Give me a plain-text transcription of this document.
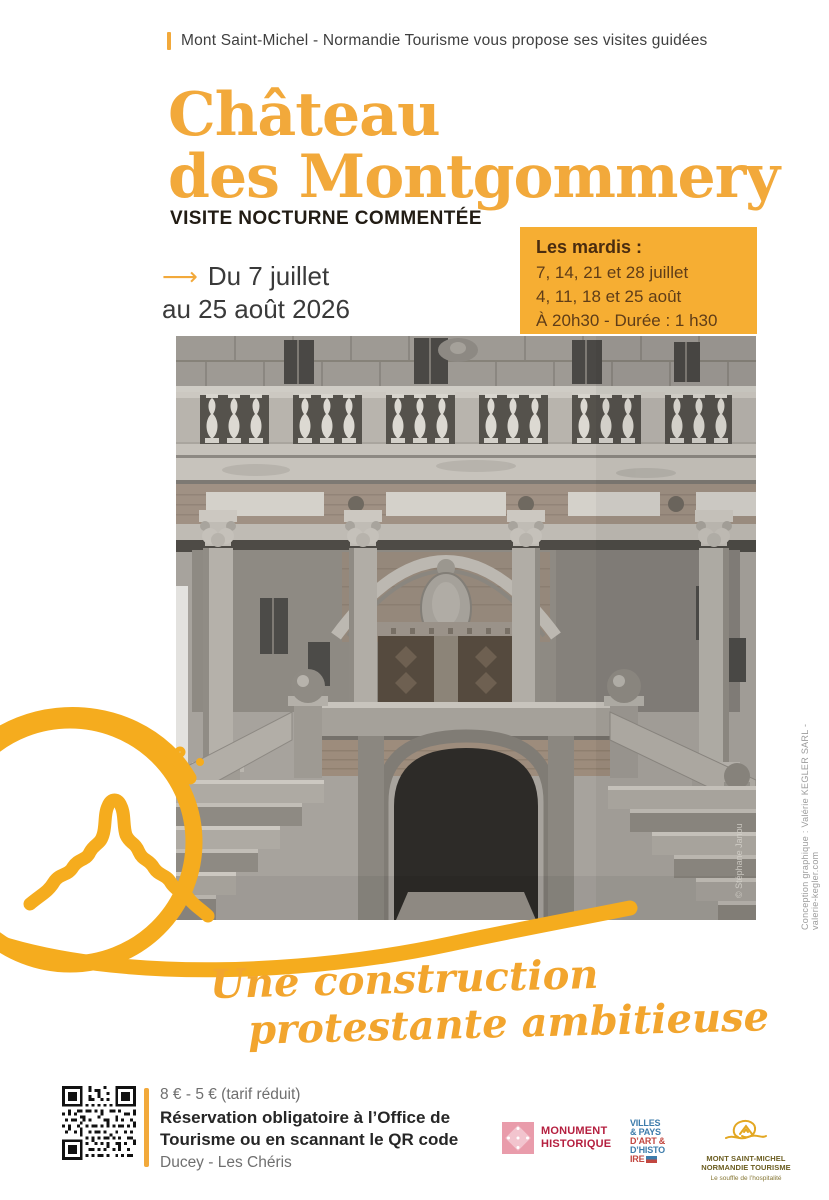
Mont Saint-Michel - Normandie Tourisme vous propose ses visites guidées
Château
des Montgommery
VISITE NOCTURNE COMMENTÉE
⟶ Du 7 juillet
au 25 août 2026
Les mardis :
7, 14, 21 et 28 juillet
4, 11, 18 et 25 août
À 20h30 - Durée : 1 h30
© Stéphane Janou
Une construction
protestante ambitieuse
8 € - 5 € (tarif réduit)
Réservation obligatoire à l’Office de
Tourisme ou en scannant le QR code
Ducey - Les Chéris
MONUMENT
HISTORIQUE
VILLES
& PAYS
D’ART &
D’HISTO
IRE	MONT SAINT-MICHEL
NORMANDIE TOURISME
Le souffle de l’hospitalité
Conception graphique : Valérie KEGLER SARL - valerie-kegler.com
